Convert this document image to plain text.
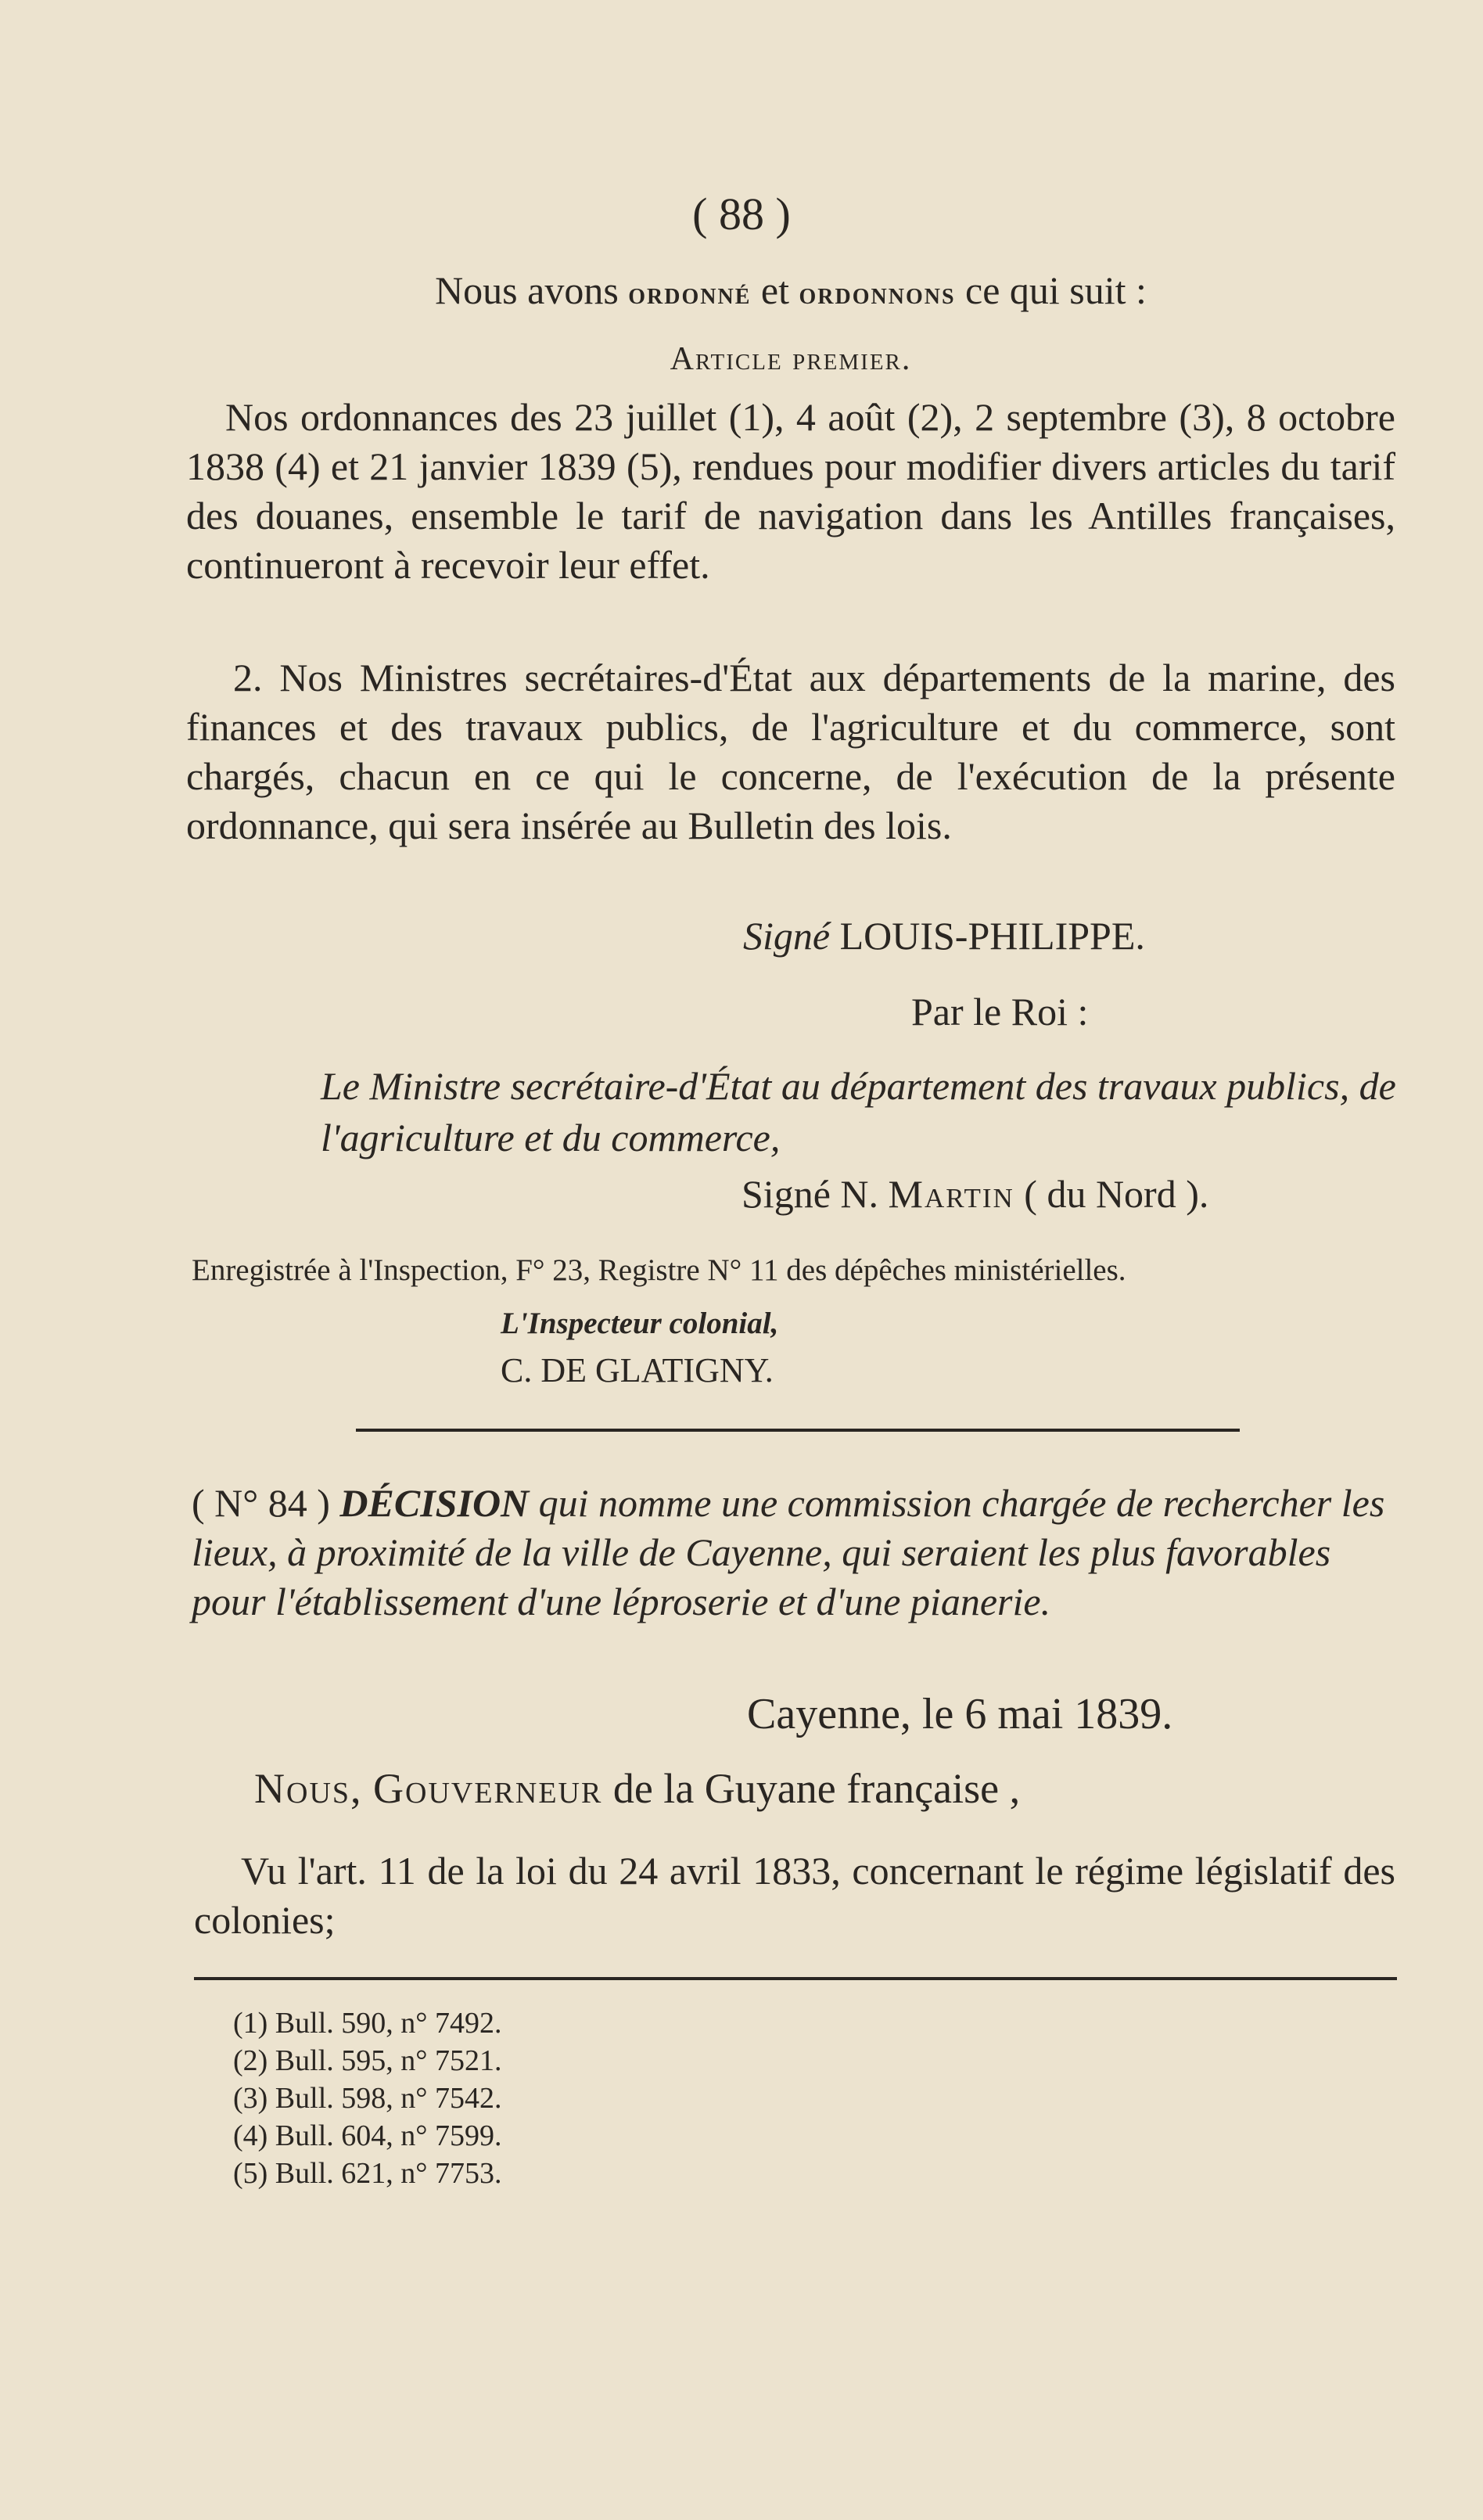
( 88 )
Nous avons ordonné et ordonnons ce qui suit :
Article premier.
Nos ordonnances des 23 juillet (1), 4 août (2), 2 septembre (3), 8 octobre 1838 (4) et 21 janvier 1839 (5), rendues pour modifier divers articles du tarif des douanes, ensemble le tarif de navigation dans les Antilles françaises, continueront à recevoir leur effet.
2. Nos Ministres secrétaires-d'État aux départements de la marine, des finances et des travaux publics, de l'agriculture et du commerce, sont chargés, chacun en ce qui le concerne, de l'exécution de la présente ordonnance, qui sera insérée au Bulletin des lois.
Signé LOUIS-PHILIPPE.
Par le Roi :
Le Ministre secrétaire-d'État au département des travaux publics, de l'agriculture et du commerce,
Signé N. Martin ( du Nord ).
Enregistrée à l'Inspection, F° 23, Registre N° 11 des dépêches ministérielles.
L'Inspecteur colonial,
C. DE GLATIGNY.
( N° 84 ) DÉCISION qui nomme une commission chargée de rechercher les lieux, à proximité de la ville de Cayenne, qui seraient les plus favorables pour l'établissement d'une léproserie et d'une pianerie.
Cayenne, le 6 mai 1839.
Nous, Gouverneur de la Guyane française ,
Vu l'art. 11 de la loi du 24 avril 1833, concernant le régime législatif des colonies;
(1) Bull. 590, n° 7492.
(2) Bull. 595, n° 7521.
(3) Bull. 598, n° 7542.
(4) Bull. 604, n° 7599.
(5) Bull. 621, n° 7753.
